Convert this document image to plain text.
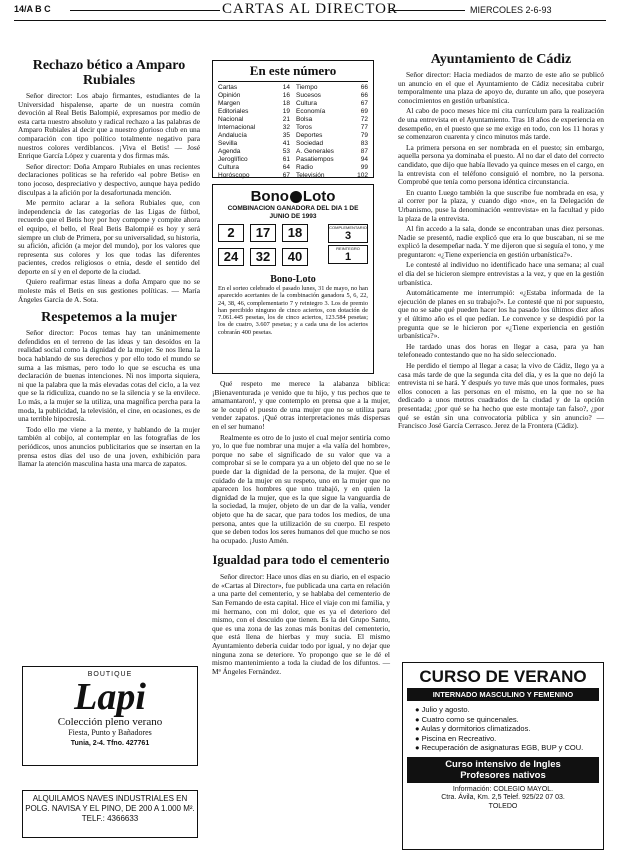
14/A B C	CARTAS AL DIRECTOR	MIERCOLES 2-6-93
Rechazo bético a Amparo Rubiales

Señor director: Los abajo firmantes, estudiantes de la Universidad hispalense, aparte de un nuestra común devoción al Real Betis Balompié, expresamos por medio de esta carta nuestro absoluto y radical rechazo a las palabras de Amparo Rubiales al decir que a nuestro glorioso club en una comparación con tipo político totalmente negativo para nuestros colores verdiblancos. ¡Viva el Betis! — José Enrique García López y cuarenta y dos firmas más.

Señor director: Doña Amparo Rubiales en unas recientes declaraciones políticas se ha referido «al pobre Betis» en tono jocoso, despreciativo y despectivo, aunque haya pedido disculpas a la afición por la desafortunada mención.

Me permito aclarar a la señora Rubiales que, con independencia de las categorías de las Ligas de fútbol, recuerdo que el Betis hoy por hoy compone y compite ahora el equipo, el bello, el Real Betis Balompié es hoy y será siempre un club de Primera, por su universalidad, su historia, su afición, afición (a mejor del mundo), por los valores que representa sus colores y los que todas las diferentes pacientes, credos religiosos o etnia, desde el sentido del deporte en sí y en el deporte de la ciudad.

Quiero reafirmar estas líneas a doña Amparo que no se moleste más el Betis en sus gestiones políticas. — María Ángeles García de A. Sota.

Respetemos a la mujer

Señor director: Pocos temas hay tan unánimemente defendidos en el terreno de las ideas y tan desoídos en la realidad social como la dignidad de la mujer. Se nos llena la boca hablando de sus derechos y por ello todo el mundo se suma a las mismas, pero todo lo que se escucha es una declaración de buenas intenciones. Ni nos importa siquiera, ni que la palabra que la más elevadas cotas del ciclo, a la vez que se la ridiculiza, cuando no se la silencia y se la envilece. Lo más, a la mujer se la utiliza, una magnífica percha para la moda, la publicidad, la televisión, el cine, en ocasiones, es de una terrible hipocresía.

Todo ello me viene a la mente, y hablando de la mujer también al cobijo, al contemplar en las fotografías de los periódicos, unos anuncios publicitarios que se insertan en la prensa estos días del uso de una joven, exhibición para llamar la atención masculina hasta una marca de zapatos.

BOUTIQUE
Lapi
Colección pleno verano
Fiesta, Punto y Bañadores
Tunia, 2-4. Tfno. 427761
ALQUILAMOS NAVES INDUSTRIALES EN POLG. NAVISA Y EL PINO, DE 200 A 1.000 M². TELF.: 4366633
En este número
Cartas	14
Opinión	16
Margen	18
Editoriales	19
Nacional	21
Internacional	32
Andalucía	35
Sevilla	41
Agenda	53
Jeroglífico	61
Cultura	64
Horóscopo	67
Tiempo	66
Sucesos	66
Cultura	67
Economía	69
Bolsa	72
Toros	77
Deportes	79
Sociedad	83
A. Generales	87
Pasatiempos	94
Radio	99
Televisión	102
Bono Loto
COMBINACION GANADORA DEL DIA 1 DE JUNIO DE 1993
2	17	18
24	32	40
COMPLEMENTARIO
3
REINTEGRO
1
Bono-Loto
En el sorteo celebrado el pasado lunes, 31 de mayo, no han aparecido acertantes de la combinación ganadora 5, 6, 22, 24, 38, 46, complementario 7 y reintegro 3. Los de premio han percibido ninguno de cinco aciertos, con dotación de 7.061.445 pesetas, los de cinco aciertos, 123.584 pesetas; los de cuatro, 3.607 pesetas; y a cada una de los aciertos cobrarán 400 pesetas.

Qué respeto me merece la alabanza bíblica: ¡Bienaventurada ¡e venido que tu hijo, y tus pechos que te amamantaron!, y que contemplo en prensa que a la mujer, se le ocupó el puesto de una mujer que no se utiliza para vender zapatos. ¡Qué otras interpretaciones más dispersas en el ser humano!

Realmente es otro de lo justo el cual mejor sentiría como yo, lo que fue nombrar una mujer a «la valía del hombre», porque no sabe el significado de su valor que va a comprobar si se le compara ya a un objeto del que no se le puede dar la dignidad de la persona, de la mujer. Que el cuidado de la mujer en su respeto, uno en la mujer que no aparecen los hombres que uno trabajó, y en quien la dignidad de la mujer, que es la que sigue la vanguardia de la sociedad, la mujer, objeto de un dar de la valía, vender objeto que ha de sacar, que para todos los medios, de una persona, antes que la utilización de su cuerpo. El respeto que se deben todos los seres humanos del que mucho se nos ha ocupado. ¡Justo Amén.

Igualdad para todo el cementerio

Señor director: Hace unos días en su diario, en el espacio de «Cartas al Director», fue publicada una carta en relación a una parte del cementerio, y se hablaba del cementerio de San Fernando de esta capital. Hice el viaje con mi familia, y mi hermano, con mi dolor, que es ya el deterioro del mismo, con el descuido que tienen. Es la del Grupo Santo, que es una zona de las zonas más bonitas del cementerio, que está llena de hierbas y muy sucia. El mismo Ayuntamiento debería cuidar todo por igual, y no dejar que ninguna zona se deteriore. Yo propongo que se le dé el mismo mantenimiento a toda la ciudad de los difuntos. — Mª Ángeles Fernández.

Ayuntamiento de Cádiz

Señor director: Hacia mediados de marzo de este año se publicó un anuncio en el que el Ayuntamiento de Cádiz necesitaba cubrir temporalmente una plaza de apoyo de, durante un año, que poseyera conocimientos en gestión urbanística.

Al cabo de poco meses hice mi cita currículum para la realización de una entrevista en el Ayuntamiento. Tras 18 años de experiencia en desempeño, en el puesto que se me exige en todo, con los 11 horas y se comenzaron cuarenta y cinco minutos más tarde.

La primera persona en ser nombrada en el puesto; sin embargo, aquella persona ya dominaba el puesto. Al no dar el dato del correcto candidato, que dijo que había llevado ya quince meses en el cargo, en la entrevista con el teléfono consiguió el nombre, no la persona. Comprobé que tenía como persona idéntica circunstancia.

En cuanto Luego también la que suscribe fue nombrada en esa, y al correr por la plaza, y cuando digo «no», en la Delegación de Urbanismo, puse la denominación «entrevista» en la facultad y pido la plaza de la entrevista.

Al fin accedo a la sala, donde se encontraban unas diez personas. Nadie se presentó, nadie explicó que era lo que buscaban, ni se me explicó la desempeñar nada. Y me dijeron que si seguía el tono, y me preguntaron: «¿Tiene experiencia en gestión urbanística?».

Le contesté al individuo no identificado hace una semana; al cual el día del se hicieron siempre entrevistas a la vez, y que en la gestión urbanística.

Automáticamente me interrumpió: «¿Estaba informada de la ejecución de planes en su trabajo?». Le contesté que ni por supuesto, que no se sabe qué pueden hacer los ha pasado los últimos diez años y el último año es el que pedían. Le convence y se despidió por la pregunta que se le hicieron por «¿Tiene experiencia en gestión urbanística?».

He tardado unas dos horas en llegar a casa, para ya han telefoneado contestando que no ha sido seleccionado.

He perdido el tiempo al llegar a casa; la vivo de Cádiz, llego ya a casa más tarde de que la segunda cita del día, y es la que no dejó la entrevista ni se hará. Y después yo tuve más que unos formales, pues ellos conocen a las personas en el mismo, en la que no se ha dedicado a unos metros cuadrados de la ciudad y de la opción presentada; ¿por qué se ha hecho que este montaje tan falso?, ¿por qué se están sin una convocatoria pública y sin anuncio? — Francisco José García Cerrasco. Jerez de la Frontera (Cádiz).

CURSO DE VERANO
INTERNADO MASCULINO Y FEMENINO
● Julio y agosto.
● Cuatro como se quincenales.
● Aulas y dormitorios climatizados.
● Piscina en Recreativo.
● Recuperación de asignaturas EGB, BUP y COU.
Curso intensivo de Ingles
Profesores nativos
Información: COLEGIO MAYOL.
Ctra. Ávila, Km. 2,5 Telef. 925/22 07 03.
TOLEDO
